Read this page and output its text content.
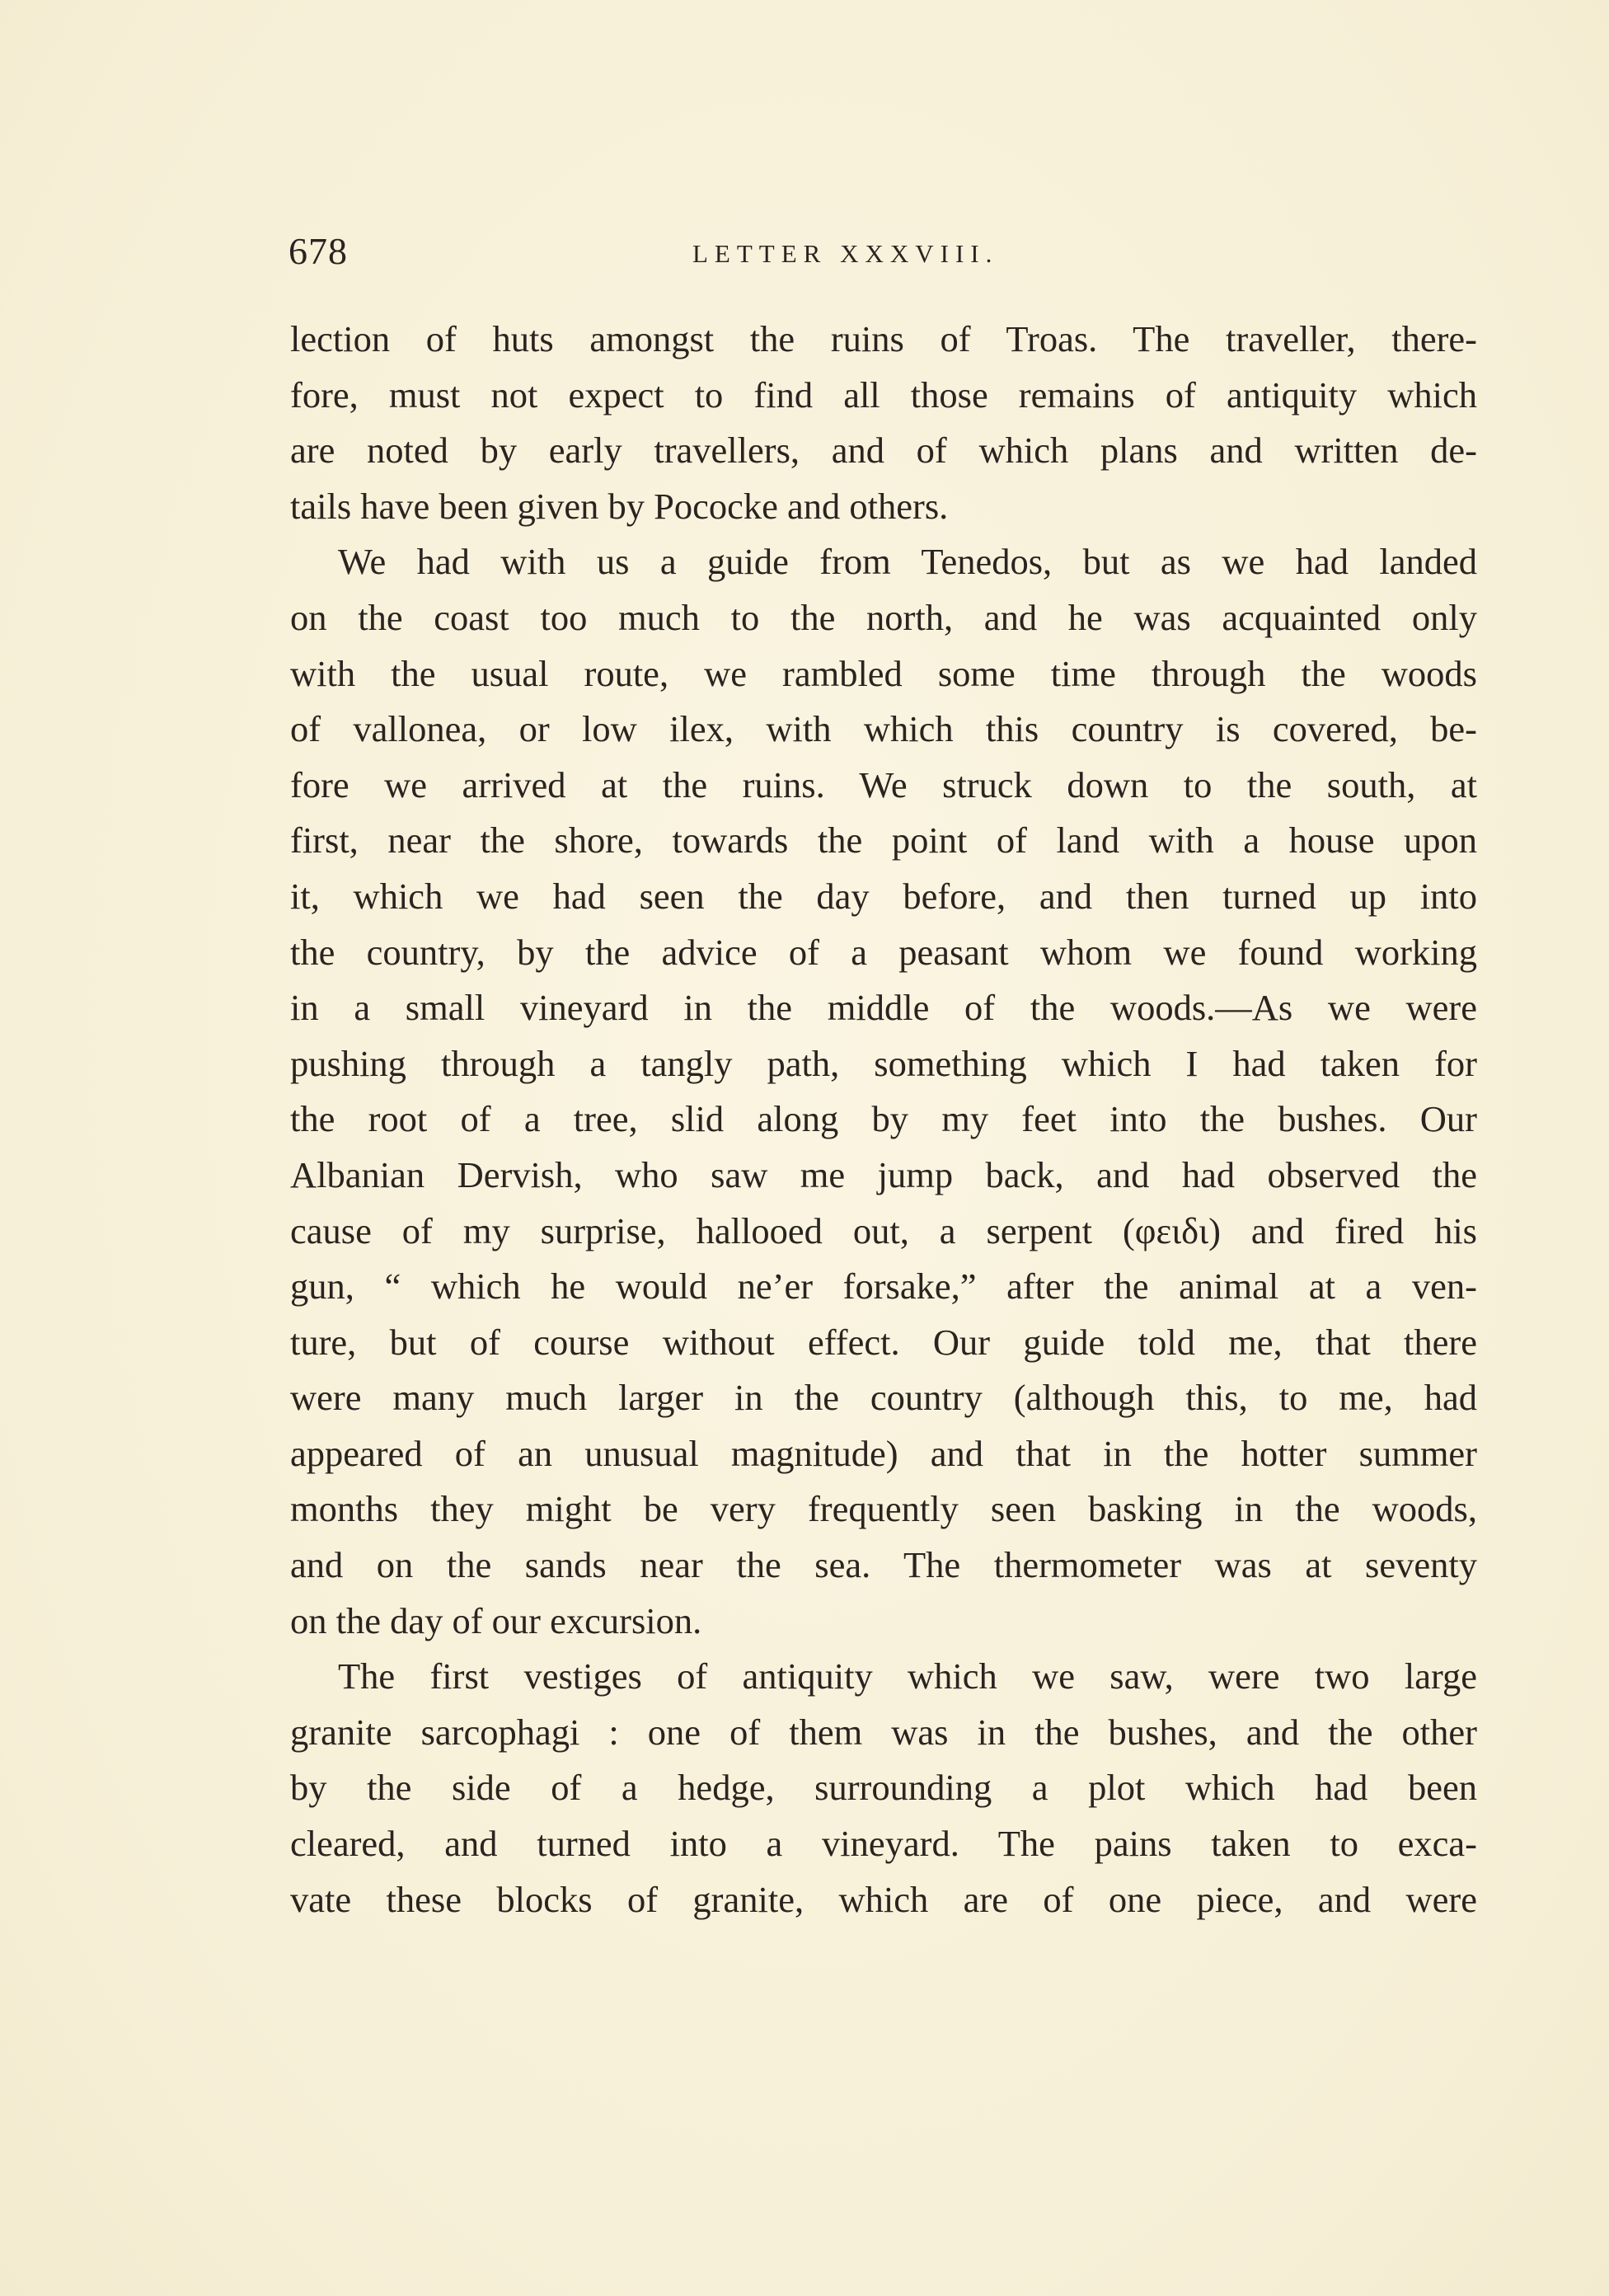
678	LETTER XXXVIII.
lection of huts amongst the ruins of Troas. The traveller, there-
fore, must not expect to find all those remains of antiquity which
are noted by early travellers, and of which plans and written de-
tails have been given by Pococke and others.
We had with us a guide from Tenedos, but as we had landed
on the coast too much to the north, and he was acquainted only
with the usual route, we rambled some time through the woods
of vallonea, or low ilex, with which this country is covered, be-
fore we arrived at the ruins. We struck down to the south, at
first, near the shore, towards the point of land with a house upon
it, which we had seen the day before, and then turned up into
the country, by the advice of a peasant whom we found working
in a small vineyard in the middle of the woods.—As we were
pushing through a tangly path, something which I had taken for
the root of a tree, slid along by my feet into the bushes. Our
Albanian Dervish, who saw me jump back, and had observed the
cause of my surprise, hallooed out, a serpent (φειδι) and fired his
gun, “ which he would ne’er forsake,” after the animal at a ven-
ture, but of course without effect. Our guide told me, that there
were many much larger in the country (although this, to me, had
appeared of an unusual magnitude) and that in the hotter summer
months they might be very frequently seen basking in the woods,
and on the sands near the sea. The thermometer was at seventy
on the day of our excursion.
The first vestiges of antiquity which we saw, were two large
granite sarcophagi : one of them was in the bushes, and the other
by the side of a hedge, surrounding a plot which had been
cleared, and turned into a vineyard. The pains taken to exca-
vate these blocks of granite, which are of one piece, and were
